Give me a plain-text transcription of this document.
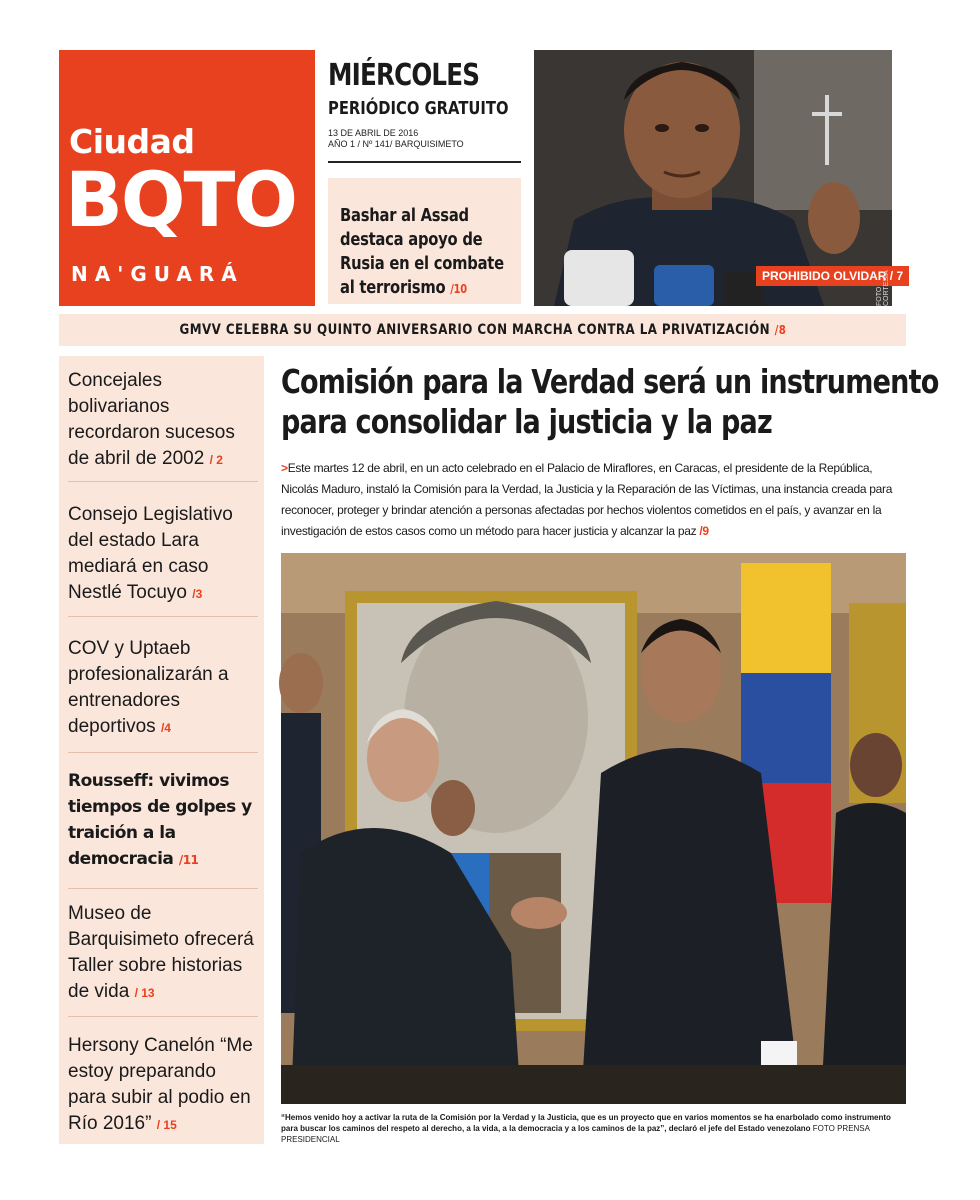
Ciudad
BQTO
NA'GUARÁ
MIÉRCOLES
PERIÓDICO GRATUITO
13 DE ABRIL DE 2016
AÑO 1 / Nº 141/ BARQUISIMETO
Bashar al Assad destaca apoyo de Rusia en el combate al terrorismo /10
PROHIBIDO OLVIDAR / 7
FOTO CORTESÍA
GMVV CELEBRA SU QUINTO ANIVERSARIO CON MARCHA CONTRA LA PRIVATIZACIÓN /8
Concejales bolivarianos recordaron sucesos de abril de 2002 / 2
Consejo Legislativo del estado Lara mediará en caso Nestlé Tocuyo /3
COV y Uptaeb profesionalizarán a entrenadores deportivos /4
Rousseff: vivimos tiempos de golpes y traición a la democracia /11
Museo de Barquisimeto ofrecerá Taller sobre historias de vida / 13
Hersony Canelón “Me estoy preparando para subir al podio en Río 2016” / 15
Comisión para la Verdad será un instrumento
para consolidar la justicia y la paz
>Este martes 12 de abril, en un acto celebrado en el Palacio de Miraflores, en Caracas, el presidente de la República, Nicolás Maduro, instaló la Comisión para la Verdad, la Justicia y la Reparación de las Víctimas, una instancia creada para reconocer, proteger y brindar atención a personas afectadas por hechos violentos cometidos en el país, y avanzar en la investigación de estos casos como un método para hacer justicia y alcanzar la paz /9
“Hemos venido hoy a activar la ruta de la Comisión por la Verdad y la Justicia, que es un proyecto que en varios momentos se ha enarbolado como instrumento para buscar los caminos del respeto al derecho, a la vida, a la democracia y a los caminos de la paz”, declaró el jefe del Estado venezolano FOTO PRENSA PRESIDENCIAL
